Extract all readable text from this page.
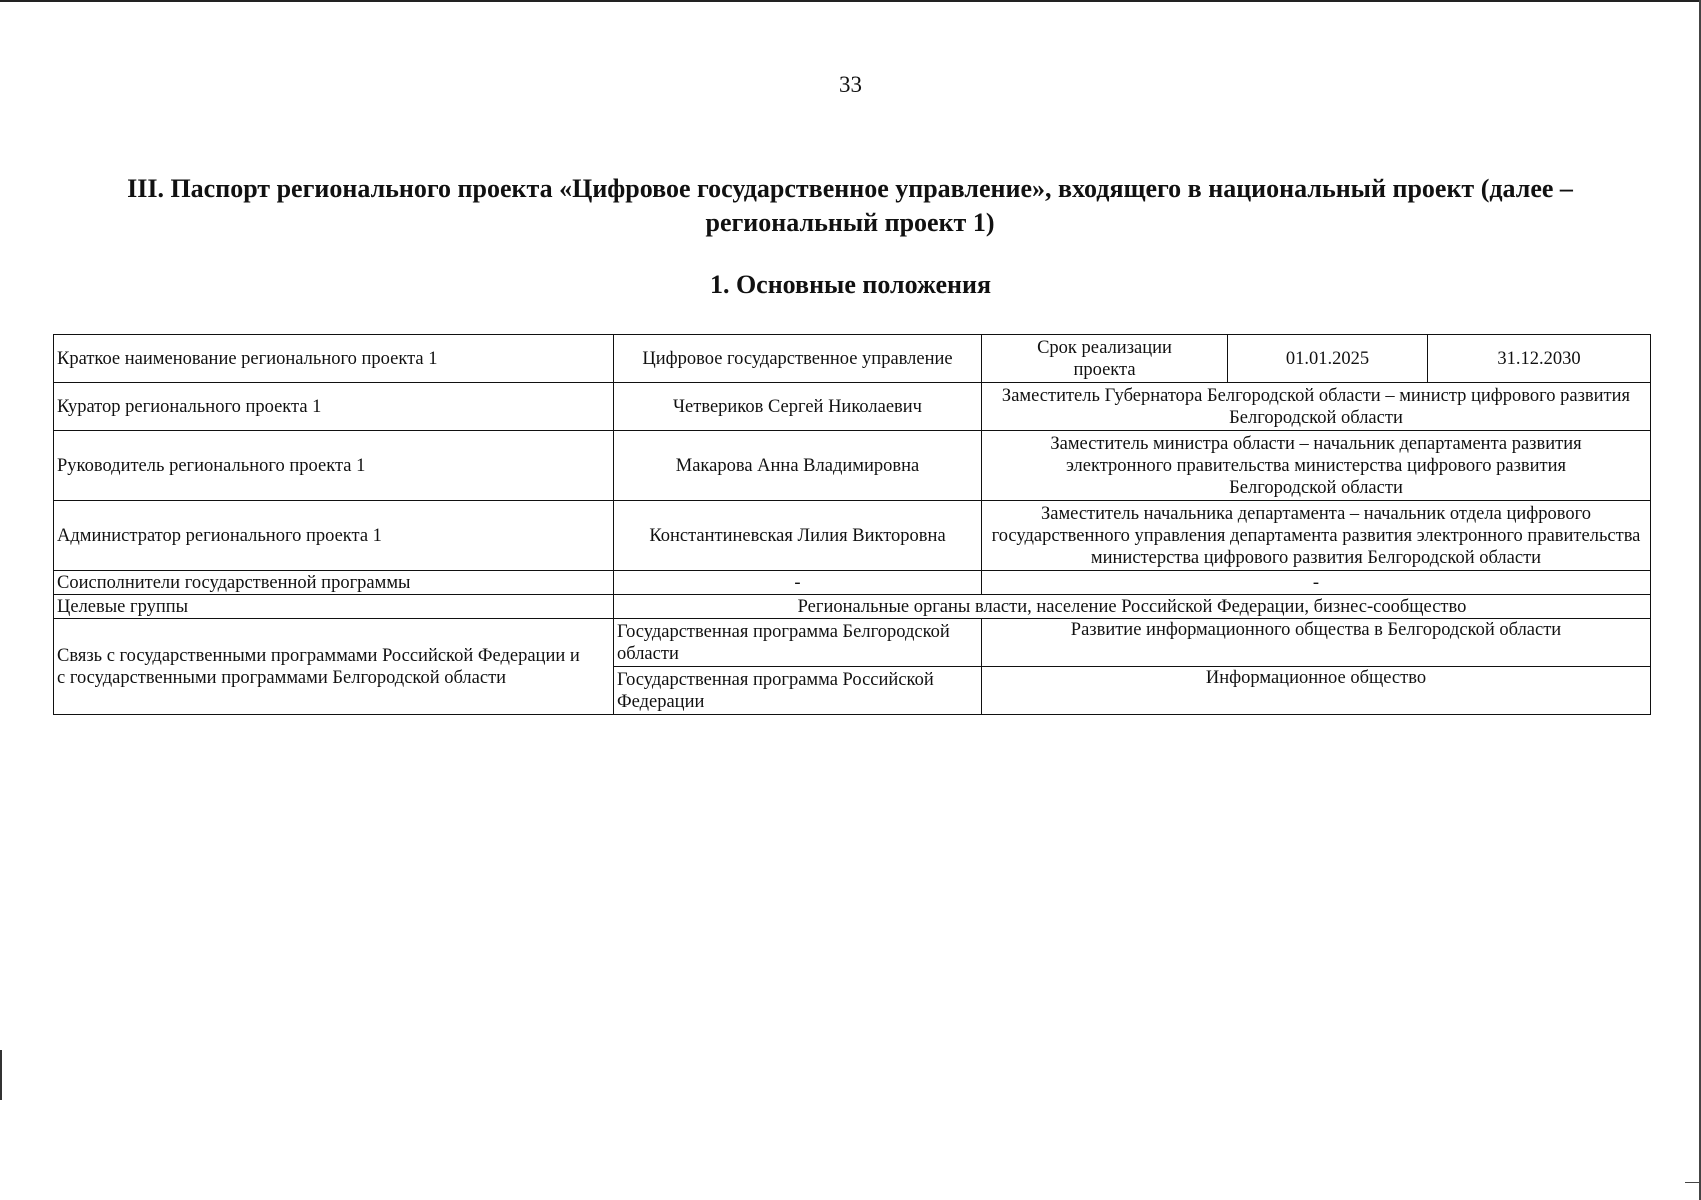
33
III. Паспорт регионального проекта «Цифровое государственное управление», входящего в национальный проект (далее – региональный проект 1)
1. Основные положения
Краткое наименование регионального проекта 1	Цифровое государственное управление	Срок реализации проекта	01.01.2025	31.12.2030
Куратор регионального проекта 1	Четвериков Сергей Николаевич	Заместитель Губернатора Белгородской области – министр цифрового развития Белгородской области		
Руководитель регионального проекта 1	Макарова Анна Владимировна	Заместитель министра области – начальник департамента развития электронного правительства министерства цифрового развития Белгородской области		
Администратор регионального проекта 1	Константиневская Лилия Викторовна	Заместитель начальника департамента – начальник отдела цифрового государственного управления департамента развития электронного правительства министерства цифрового развития Белгородской области		
Соисполнители государственной программы	-	-		
Целевые группы	Региональные органы власти, население Российской Федерации, бизнес-сообщество			
Связь с государственными программами Российской Федерации и с государственными программами Белгородской области	Государственная программа Белгородской области	Развитие информационного общества в Белгородской области		
	Государственная программа Российской Федерации	Информационное общество		
